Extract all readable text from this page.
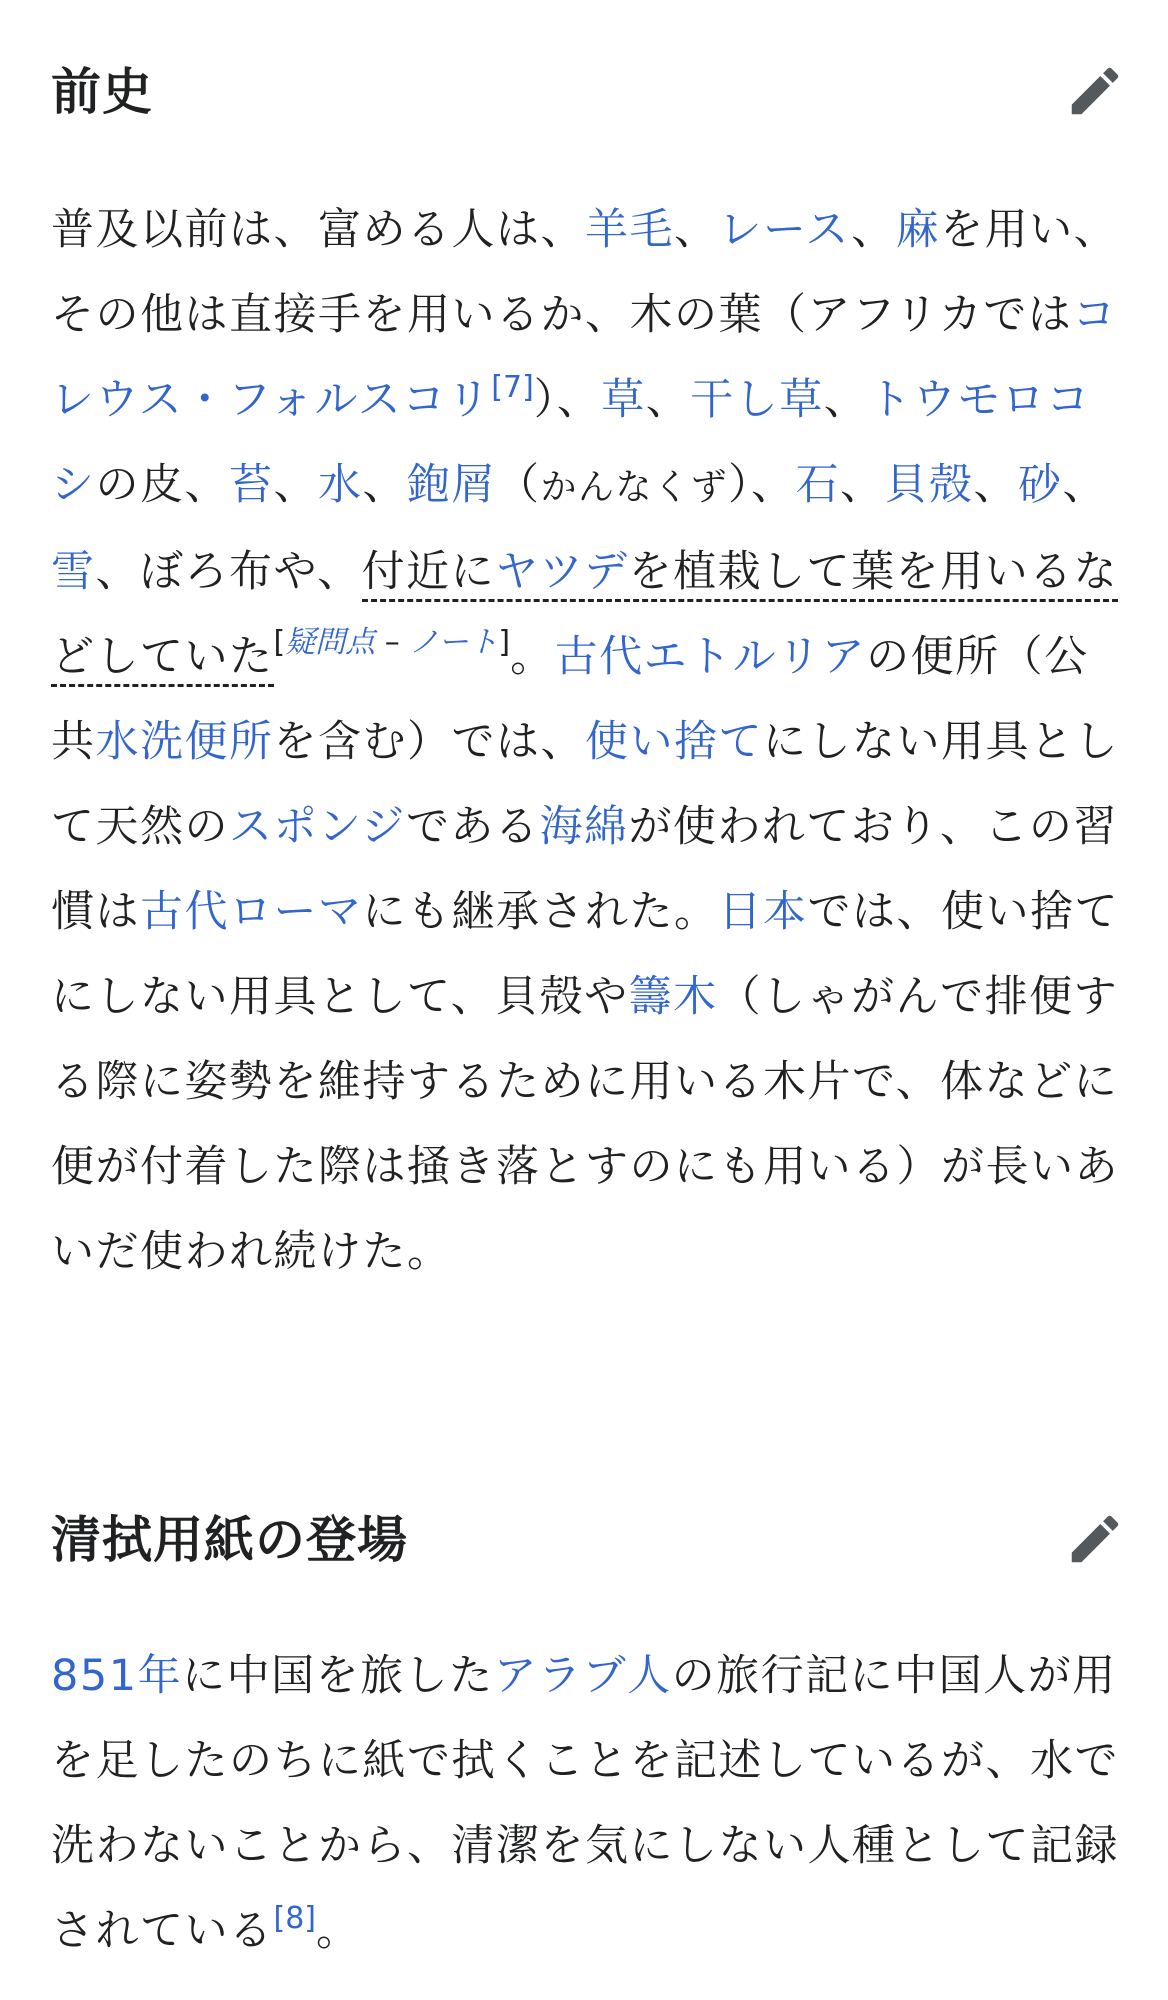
前史

普及以前は、富める人は、羊毛、レース、麻を用い、その他は直接手を用いるか、木の葉（アフリカではコレウス・フォルスコリ[7]）、草、干し草、トウモロコシの皮、苔、水、鉋屑（かんなくず）、石、貝殻、砂、雪、ぼろ布や、付近にヤツデを植栽して葉を用いるなどしていた[疑問点 – ノート]。古代エトルリアの便所（公共水洗便所を含む）では、使い捨てにしない用具として天然のスポンジである海綿が使われており、この習慣は古代ローマにも継承された。日本では、使い捨てにしない用具として、貝殻や籌木（しゃがんで排便する際に姿勢を維持するために用いる木片で、体などに便が付着した際は掻き落とすのにも用いる）が長いあいだ使われ続けた。

清拭用紙の登場

851年に中国を旅したアラブ人の旅行記に中国人が用を足したのちに紙で拭くことを記述しているが、水で洗わないことから、清潔を気にしない人種として記録されている[8]。
